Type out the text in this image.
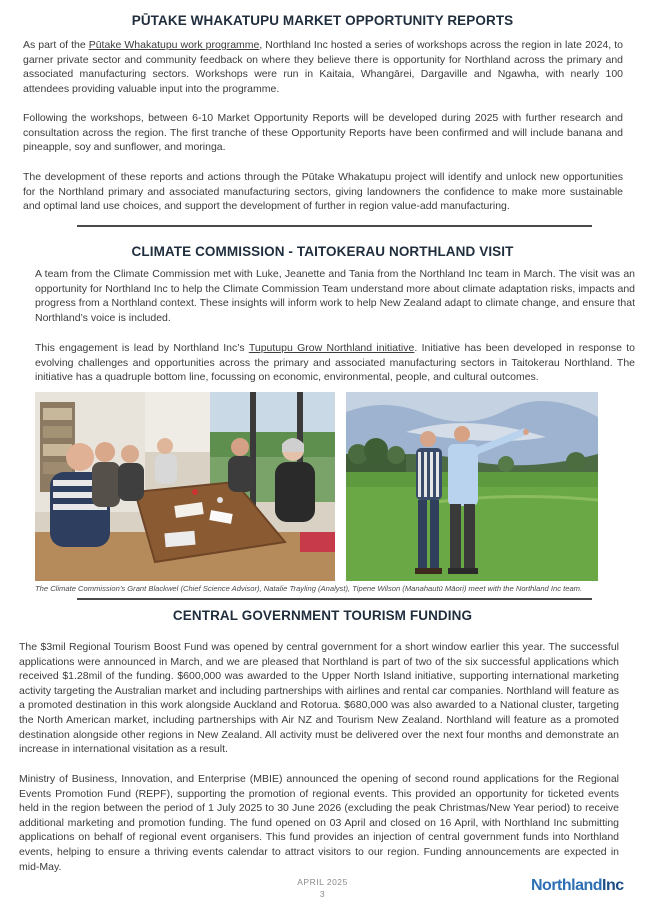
PŪTAKE WHAKATUPU MARKET OPPORTUNITY REPORTS

As part of the Pūtake Whakatupu work programme, Northland Inc hosted a series of workshops across the region in late 2024, to garner private sector and community feedback on where they believe there is opportunity for Northland across the primary and associated manufacturing sectors. Workshops were run in Kaitaia, Whangārei, Dargaville and Ngawha, with nearly 100 attendees providing valuable input into the programme.

Following the workshops, between 6-10 Market Opportunity Reports will be developed during 2025 with further research and consultation across the region. The first tranche of these Opportunity Reports have been confirmed and will include banana and pineapple, soy and sunflower, and moringa.

The development of these reports and actions through the Pūtake Whakatupu project will identify and unlock new opportunities for the Northland primary and associated manufacturing sectors, giving landowners the confidence to make more sustainable and optimal land use choices, and support the development of further in region value-add manufacturing.

CLIMATE COMMISSION - TAITOKERAU NORTHLAND VISIT

A team from the Climate Commission met with Luke, Jeanette and Tania from the Northland Inc team in March. The visit was an opportunity for Northland Inc to help the Climate Commission Team understand more about climate adaptation risks, impacts and progress from a Northland context. These insights will inform work to help New Zealand adapt to climate change, and ensure that Northland’s voice is included.

This engagement is lead by Northland Inc’s Tuputupu Grow Northland initiative. Initiative has been developed in response to evolving challenges and opportunities across the primary and associated manufacturing sectors in Taitokerau Northland. The initiative has a quadruple bottom line, focussing on economic, environmental, people, and cultural outcomes.

The Climate Commission’s Grant Blackwel (Chief Science Advisor), Natalie Trayling (Analyst), Tipene Wilson (Manahautū Māori) meet with the Northland Inc team.
CENTRAL GOVERNMENT TOURISM FUNDING

The $3mil Regional Tourism Boost Fund was opened by central government for a short window earlier this year. The successful applications were announced in March, and we are pleased that Northland is part of two of the six successful applications which received $1.28mil of the funding. $600,000 was awarded to the Upper North Island initiative, supporting international marketing activity targeting the Australian market and including partnerships with airlines and rental car companies. Northland will feature as a promoted destination in this work alongside Auckland and Rotorua. $680,000 was also awarded to a National cluster, targeting the North American market, including partnerships with Air NZ and Tourism New Zealand. Northland will feature as a promoted destination alongside other regions in New Zealand. All activity must be delivered over the next four months and demonstrate an increase in international visitation as a result.

Ministry of Business, Innovation, and Enterprise (MBIE) announced the opening of second round applications for the Regional Events Promotion Fund (REPF), supporting the promotion of regional events. This provided an opportunity for ticketed events held in the region between the period of 1 July 2025 to 30 June 2026 (excluding the peak Christmas/New Year period) to receive additional marketing and promotion funding. The fund opened on 03 April and closed on 16 April, with Northland Inc submitting applications on behalf of regional event organisers. This fund provides an injection of central government funds into Northland events, helping to ensure a thriving events calendar to attract visitors to our region. Funding announcements are expected in mid-May.

APRIL 2025
3	NorthlandInc
